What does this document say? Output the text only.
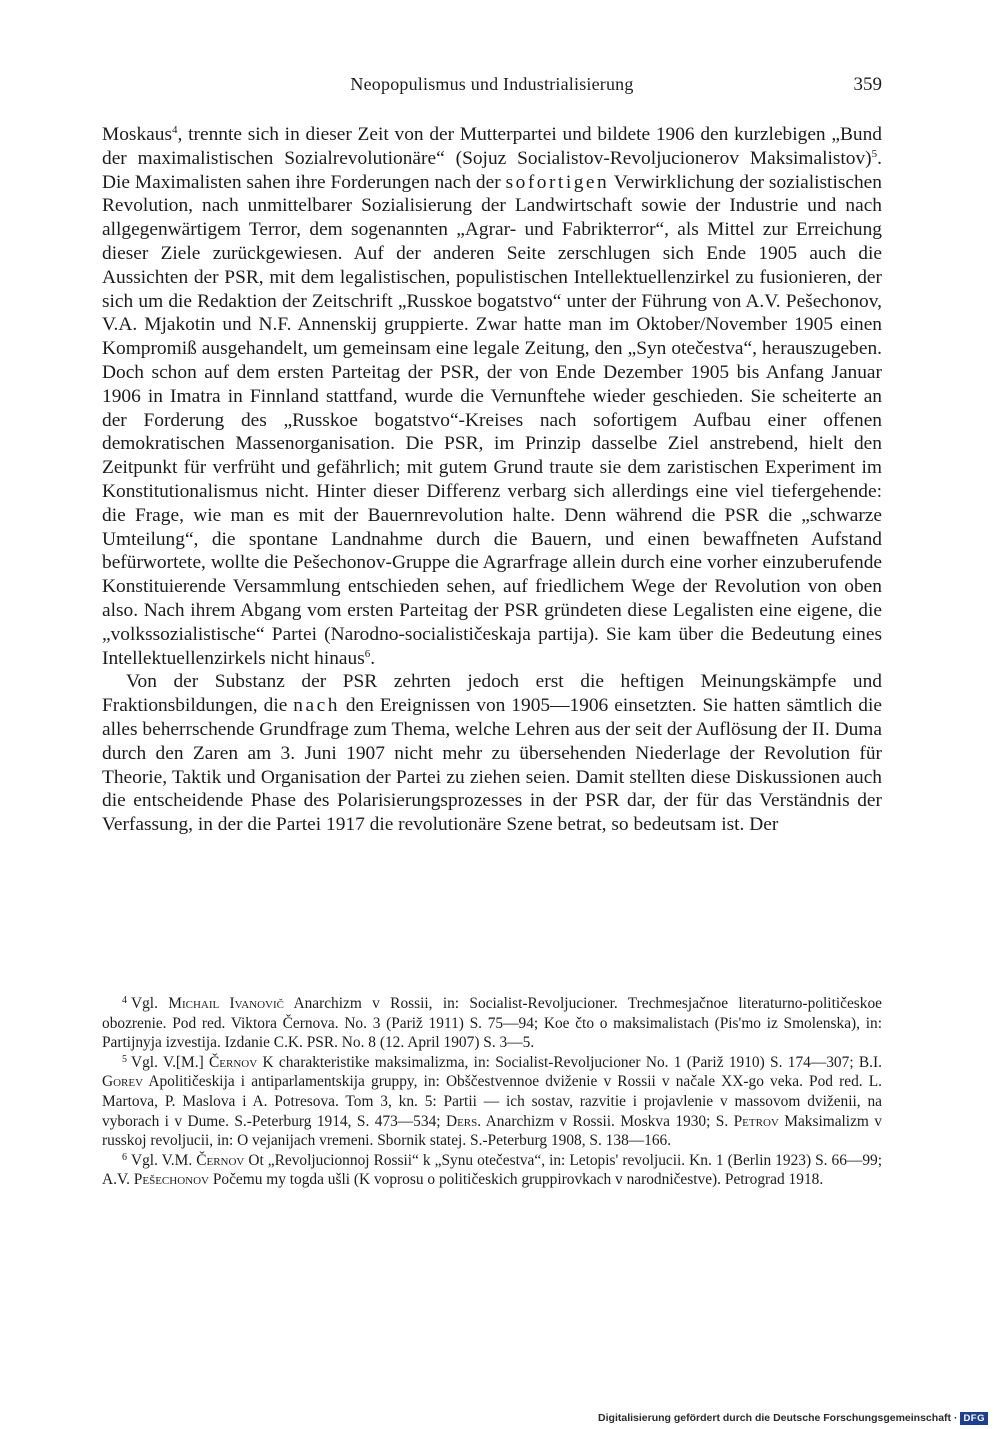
Neopopulismus und Industrialisierung	359

Moskaus$^4$, trennte sich in dieser Zeit von der Mutterpartei und bildete 1906 den kurzlebigen „Bund der maximalistischen Sozialrevolutionäre“ (Sojuz Socialistov-Revoljucionerov Maksimalistov)$^5$. Die Maximalisten sahen ihre Forderungen nach der sofortigen Verwirklichung der sozialistischen Revolution, nach unmittelbarer Sozialisierung der Landwirtschaft sowie der Industrie und nach allgegenwärtigem Terror, dem sogenannten „Agrar- und Fabrikterror“, als Mittel zur Erreichung dieser Ziele zurückgewiesen. Auf der anderen Seite zerschlugen sich Ende 1905 auch die Aussichten der PSR, mit dem legalistischen, populistischen Intellektuellenzirkel zu fusionieren, der sich um die Redaktion der Zeitschrift „Russkoe bogatstvo“ unter der Führung von A.V. Pešechonov, V.A. Mjakotin und N.F. Annenskij gruppierte. Zwar hatte man im Oktober/November 1905 einen Kompromiß ausgehandelt, um gemeinsam eine legale Zeitung, den „Syn otečestva“, herauszugeben. Doch schon auf dem ersten Parteitag der PSR, der von Ende Dezember 1905 bis Anfang Januar 1906 in Imatra in Finnland stattfand, wurde die Vernunftehe wieder geschieden. Sie scheiterte an der Forderung des „Russkoe bogatstvo“-Kreises nach sofortigem Aufbau einer offenen demokratischen Massenorganisation. Die PSR, im Prinzip dasselbe Ziel anstrebend, hielt den Zeitpunkt für verfrüht und gefährlich; mit gutem Grund traute sie dem zaristischen Experiment im Konstitutionalismus nicht. Hinter dieser Differenz verbarg sich allerdings eine viel tiefergehende: die Frage, wie man es mit der Bauernrevolution halte. Denn während die PSR die „schwarze Umteilung“, die spontane Landnahme durch die Bauern, und einen bewaffneten Aufstand befürwortete, wollte die Pešechonov-Gruppe die Agrarfrage allein durch eine vorher einzuberufende Konstituierende Versammlung entschieden sehen, auf friedlichem Wege der Revolution von oben also. Nach ihrem Abgang vom ersten Parteitag der PSR gründeten diese Legalisten eine eigene, die „volkssozialistische“ Partei (Narodno-socialističeskaja partija). Sie kam über die Bedeutung eines Intellektuellenzirkels nicht hinaus$^6$.

Von der Substanz der PSR zehrten jedoch erst die heftigen Meinungskämpfe und Fraktionsbildungen, die nach den Ereignissen von 1905—1906 einsetzten. Sie hatten sämtlich die alles beherrschende Grundfrage zum Thema, welche Lehren aus der seit der Auflösung der II. Duma durch den Zaren am 3. Juni 1907 nicht mehr zu übersehenden Niederlage der Revolution für Theorie, Taktik und Organisation der Partei zu ziehen seien. Damit stellten diese Diskussionen auch die entscheidende Phase des Polarisierungsprozesses in der PSR dar, der für das Verständnis der Verfassung, in der die Partei 1917 die revolutionäre Szene betrat, so bedeutsam ist. Der

$^4$ Vgl. Michail Ivanovič Anarchizm v Rossii, in: Socialist-Revoljucioner. Trechmesjačnoe literaturno-političeskoe obozrenie. Pod red. Viktora Černova. No. 3 (Pariž 1911) S. 75—94; Koe čto o maksimalistach (Pis'mo iz Smolenska), in: Partijnyja izvestija. Izdanie C.K. PSR. No. 8 (12. April 1907) S. 3—5.

$^5$ Vgl. V.[M.] Černov K charakteristike maksimalizma, in: Socialist-Revoljucioner No. 1 (Pariž 1910) S. 174—307; B.I. Gorev Apolitičeskija i antiparlamentskija gruppy, in: Obščestvennoe dviženie v Rossii v načale XX-go veka. Pod red. L. Martova, P. Maslova i A. Potresova. Tom 3, kn. 5: Partii — ich sostav, razvitie i projavlenie v massovom dviženii, na vyborach i v Dume. S.-Peterburg 1914, S. 473—534; Ders. Anarchizm v Rossii. Moskva 1930; S. Petrov Maksimalizm v russkoj revoljucii, in: O vejanijach vremeni. Sbornik statej. S.-Peterburg 1908, S. 138—166.

$^6$ Vgl. V.M. Černov Ot „Revoljucionnoj Rossii“ k „Synu otečestva“, in: Letopis' revoljucii. Kn. 1 (Berlin 1923) S. 66—99; A.V. Pešechonov Počemu my togda ušli (K voprosu o političeskich gruppirovkach v narodničestve). Petrograd 1918.

Digitalisierung gefördert durch die Deutsche Forschungsgemeinschaft · DFG
